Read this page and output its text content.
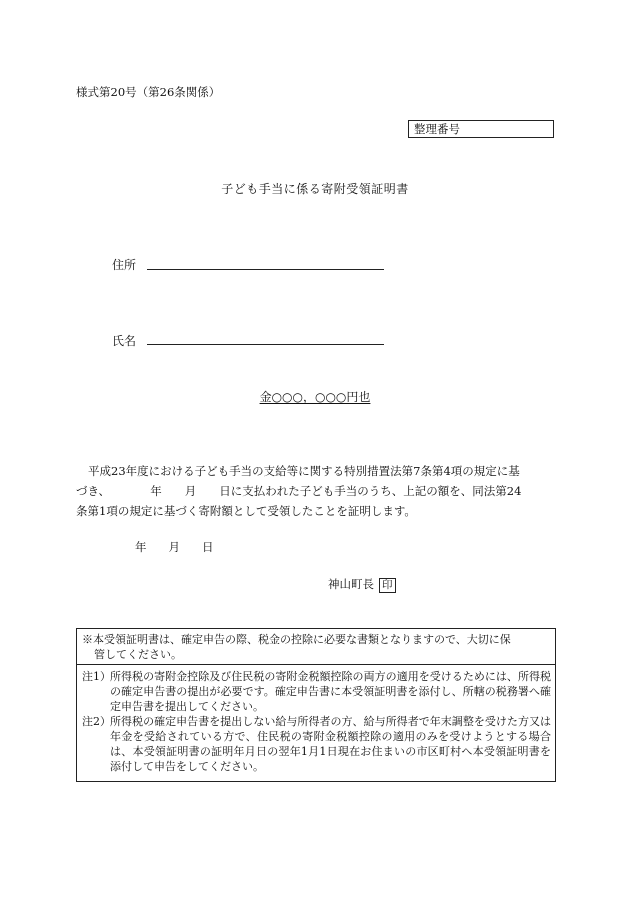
様式第20号（第26条関係）
整理番号
子ども手当に係る寄附受領証明書
住所
氏名
金○○○，○○○円也
平成23年度における子ども手当の支給等に関する特別措置法第7条第4項の規定に基
づき、　　　　年　　月　　日に支払われた子ども手当のうち、上記の額を、同法第24
条第1項の規定に基づく寄附額として受領したことを証明します。
年 月 日
神山町長 印
※本受領証明書は、確定申告の際、税金の控除に必要な書類となりますので、大切に保
管してください。
注1） 所得税の寄附金控除及び住民税の寄附金税額控除の両方の適用を受けるためには、所得税の確定申告書の提出が必要です。確定申告書に本受領証明書を添付し、所轄の税務署へ確定申告書を提出してください。
注2） 所得税の確定申告書を提出しない給与所得者の方、給与所得者で年末調整を受けた方又は年金を受給されている方で、住民税の寄附金税額控除の適用のみを受けようとする場合は、本受領証明書の証明年月日の翌年1月1日現在お住まいの市区町村へ本受領証明書を添付して申告をしてください。
